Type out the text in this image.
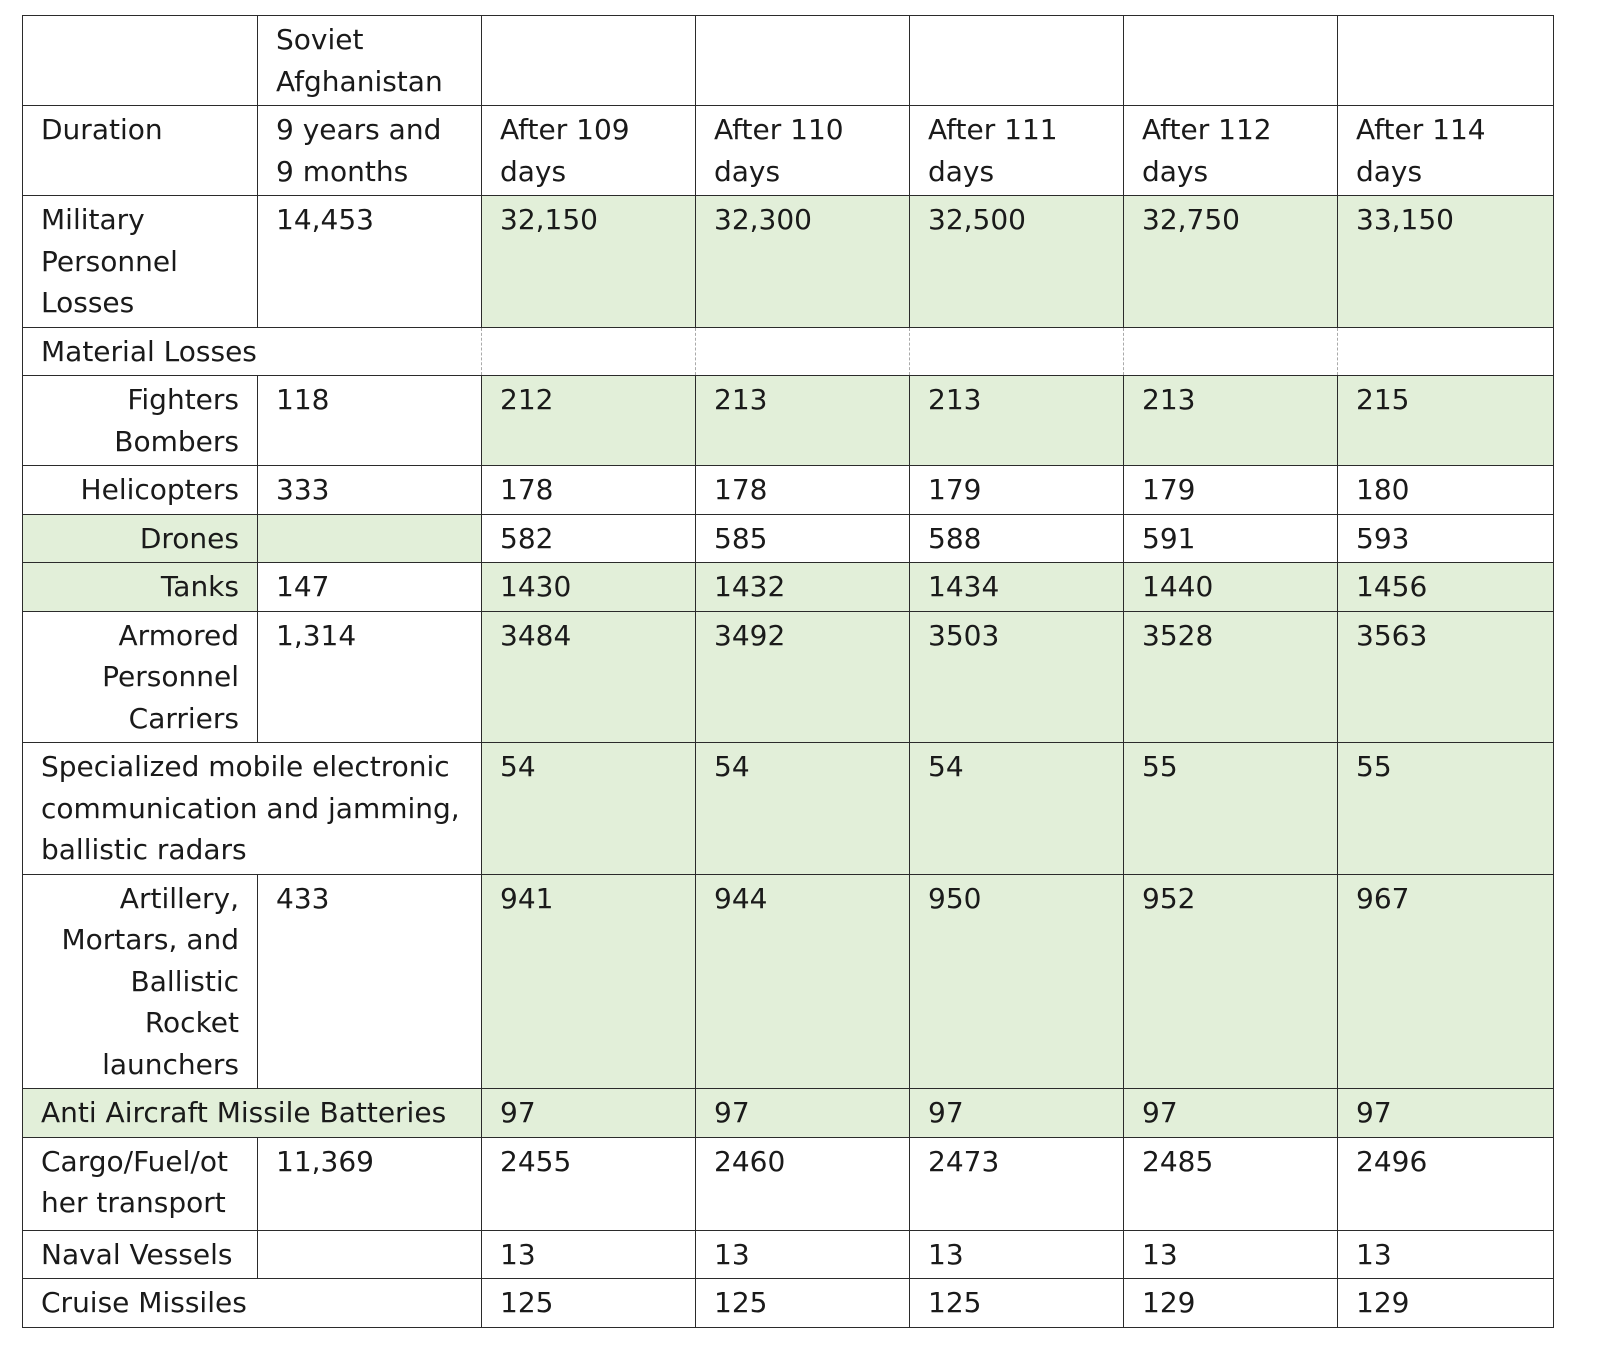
	Soviet Afghanistan					
Duration	9 years and 9 months	After 109 days	After 110 days	After 111 days	After 112 days	After 114 days
Military Personnel Losses	14,453	32,150	32,300	32,500	32,750	33,150
Material Losses						
Fighters Bombers	118	212	213	213	213	215
Helicopters	333	178	178	179	179	180
Drones		582	585	588	591	593
Tanks	147	1430	1432	1434	1440	1456
Armored Personnel Carriers	1,314	3484	3492	3503	3528	3563
Specialized mobile electronic communication and jamming, ballistic radars		54	54	54	55	55
Artillery, Mortars, and Ballistic Rocket launchers	433	941	944	950	952	967
Anti Aircraft Missile Batteries		97	97	97	97	97
Cargo/Fuel/other transport	11,369	2455	2460	2473	2485	2496
Naval Vessels		13	13	13	13	13
Cruise Missiles		125	125	125	129	129
